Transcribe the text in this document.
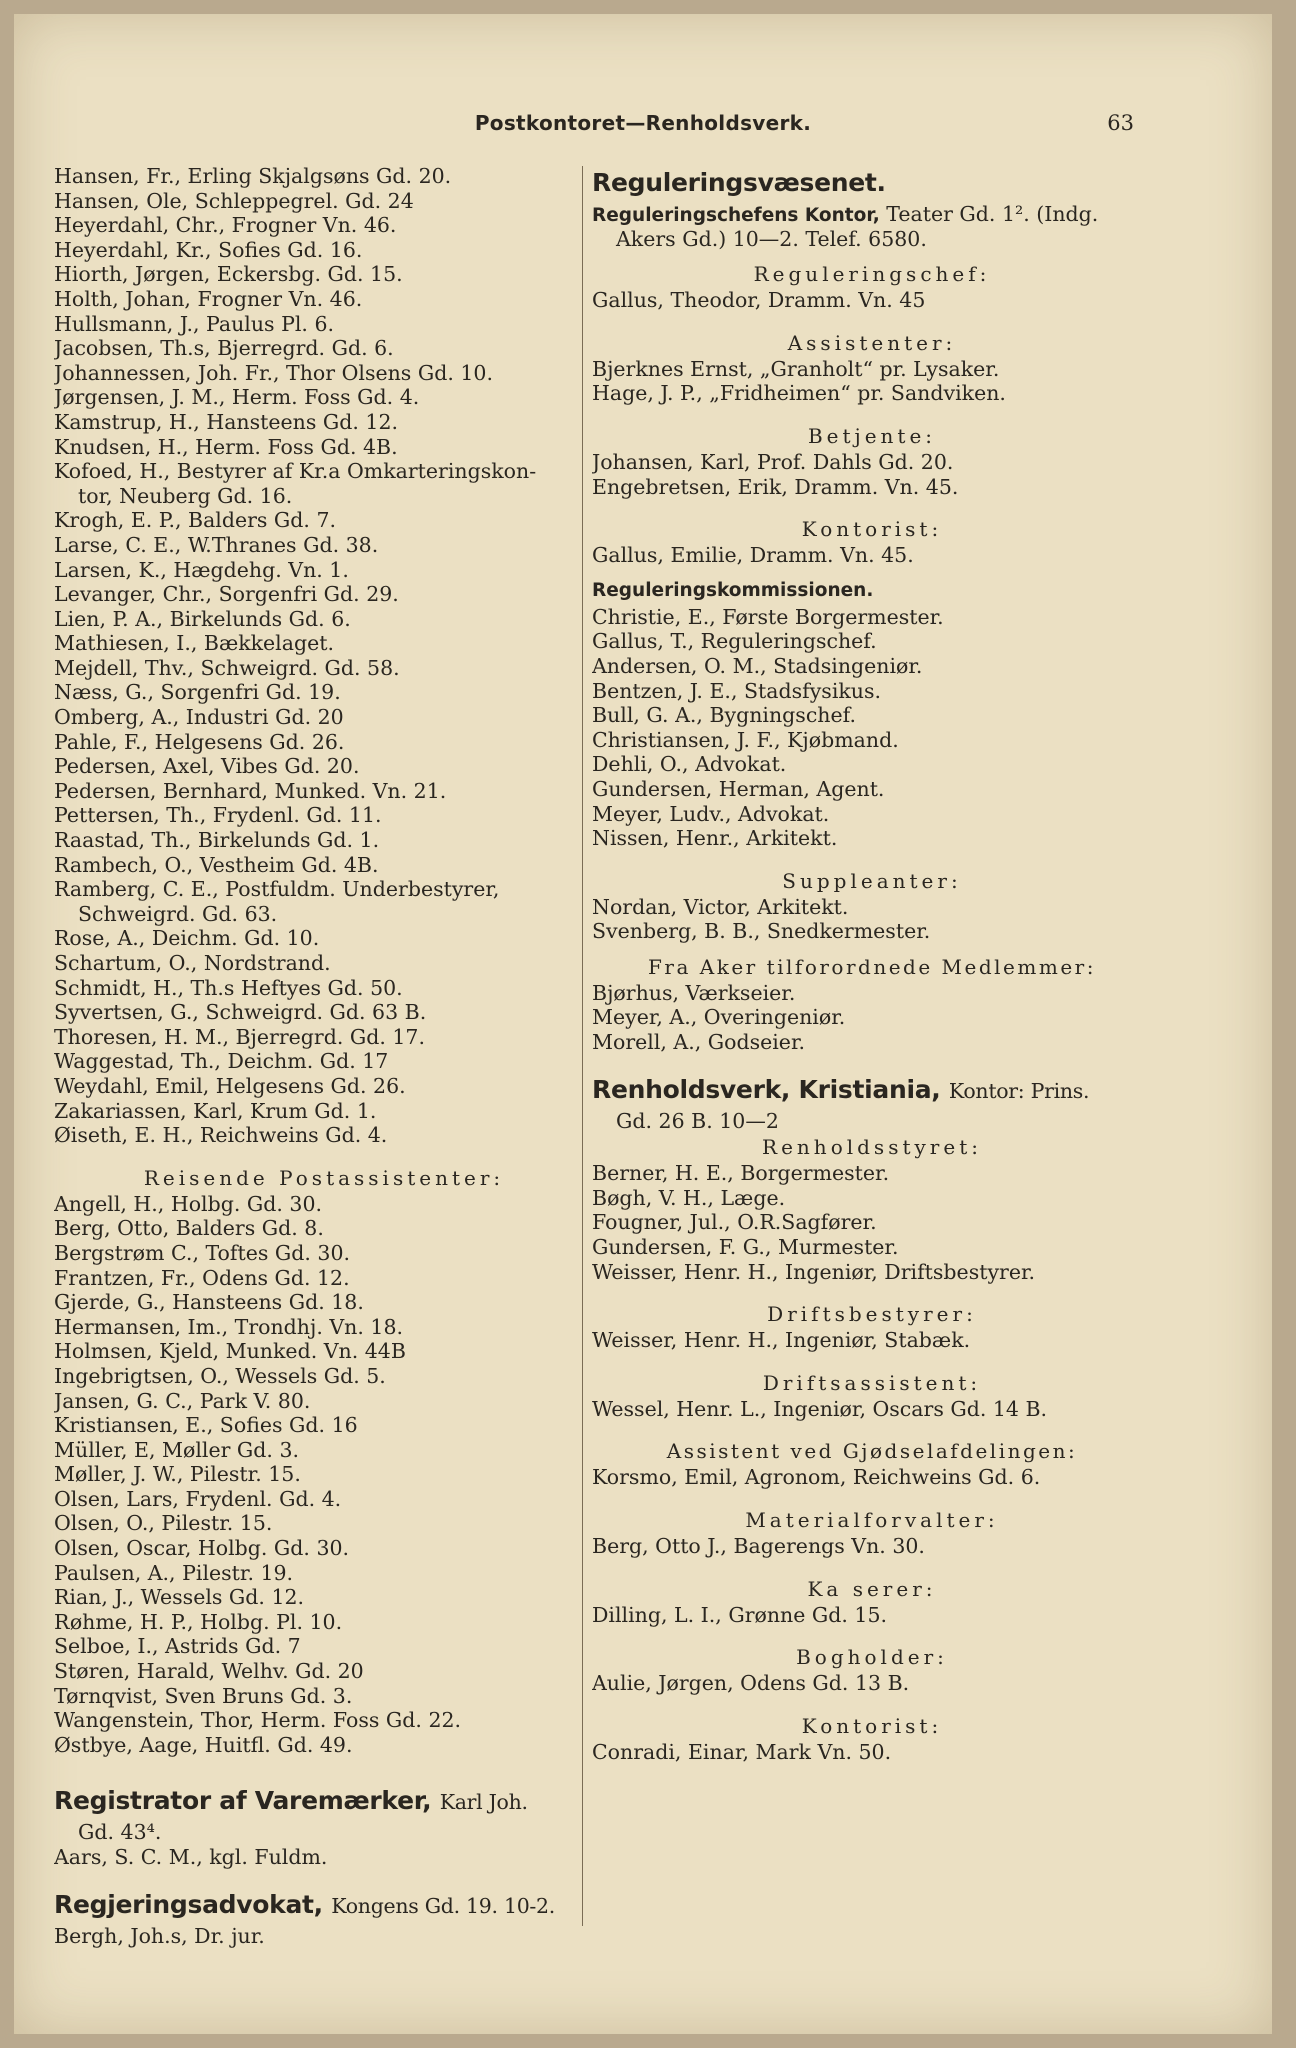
Postkontoret—Renholdsverk.	63
Hansen, Fr., Erling Skjalgsøns Gd. 20.
Hansen, Ole, Schleppegrel. Gd. 24
Heyerdahl, Chr., Frogner Vn. 46.
Heyerdahl, Kr., Sofies Gd. 16.
Hiorth, Jørgen, Eckersbg. Gd. 15.
Holth, Johan, Frogner Vn. 46.
Hullsmann, J., Paulus Pl. 6.
Jacobsen, Th.s, Bjerregrd. Gd. 6.
Johannessen, Joh. Fr., Thor Olsens Gd. 10.
Jørgensen, J. M., Herm. Foss Gd. 4.
Kamstrup, H., Hansteens Gd. 12.
Knudsen, H., Herm. Foss Gd. 4B.
Kofoed, H., Bestyrer af Kr.a Omkarteringskon-
tor, Neuberg Gd. 16.
Krogh, E. P., Balders Gd. 7.
Larse, C. E., W.Thranes Gd. 38.
Larsen, K., Hægdehg. Vn. 1.
Levanger, Chr., Sorgenfri Gd. 29.
Lien, P. A., Birkelunds Gd. 6.
Mathiesen, I., Bækkelaget.
Mejdell, Thv., Schweigrd. Gd. 58.
Næss, G., Sorgenfri Gd. 19.
Omberg, A., Industri Gd. 20
Pahle, F., Helgesens Gd. 26.
Pedersen, Axel, Vibes Gd. 20.
Pedersen, Bernhard, Munked. Vn. 21.
Pettersen, Th., Frydenl. Gd. 11.
Raastad, Th., Birkelunds Gd. 1.
Rambech, O., Vestheim Gd. 4B.
Ramberg, C. E., Postfuldm. Underbestyrer,
Schweigrd. Gd. 63.
Rose, A., Deichm. Gd. 10.
Schartum, O., Nordstrand.
Schmidt, H., Th.s Heftyes Gd. 50.
Syvertsen, G., Schweigrd. Gd. 63 B.
Thoresen, H. M., Bjerregrd. Gd. 17.
Waggestad, Th., Deichm. Gd. 17
Weydahl, Emil, Helgesens Gd. 26.
Zakariassen, Karl, Krum Gd. 1.
Øiseth, E. H., Reichweins Gd. 4.
Reisende Postassistenter:
Angell, H., Holbg. Gd. 30.
Berg, Otto, Balders Gd. 8.
Bergstrøm C., Toftes Gd. 30.
Frantzen, Fr., Odens Gd. 12.
Gjerde, G., Hansteens Gd. 18.
Hermansen, Im., Trondhj. Vn. 18.
Holmsen, Kjeld, Munked. Vn. 44B
Ingebrigtsen, O., Wessels Gd. 5.
Jansen, G. C., Park V. 80.
Kristiansen, E., Sofies Gd. 16
Müller, E, Møller Gd. 3.
Møller, J. W., Pilestr. 15.
Olsen, Lars, Frydenl. Gd. 4.
Olsen, O., Pilestr. 15.
Olsen, Oscar, Holbg. Gd. 30.
Paulsen, A., Pilestr. 19.
Rian, J., Wessels Gd. 12.
Røhme, H. P., Holbg. Pl. 10.
Selboe, I., Astrids Gd. 7
Støren, Harald, Welhv. Gd. 20
Tørnqvist, Sven Bruns Gd. 3.
Wangenstein, Thor, Herm. Foss Gd. 22.
Østbye, Aage, Huitfl. Gd. 49.
Registrator af Varemærker, Karl Joh.
Gd. 43⁴.
Aars, S. C. M., kgl. Fuldm.
Regjeringsadvokat, Kongens Gd. 19. 10-2.
Bergh, Joh.s, Dr. jur.
Reguleringsvæsenet.
Reguleringschefens Kontor, Teater Gd. 1². (Indg.
Akers Gd.) 10—2. Telef. 6580.
Reguleringschef:
Gallus, Theodor, Dramm. Vn. 45
Assistenter:
Bjerknes Ernst, „Granholt“ pr. Lysaker.
Hage, J. P., „Fridheimen“ pr. Sandviken.
Betjente:
Johansen, Karl, Prof. Dahls Gd. 20.
Engebretsen, Erik, Dramm. Vn. 45.
Kontorist:
Gallus, Emilie, Dramm. Vn. 45.
Reguleringskommissionen.
Christie, E., Første Borgermester.
Gallus, T., Reguleringschef.
Andersen, O. M., Stadsingeniør.
Bentzen, J. E., Stadsfysikus.
Bull, G. A., Bygningschef.
Christiansen, J. F., Kjøbmand.
Dehli, O., Advokat.
Gundersen, Herman, Agent.
Meyer, Ludv., Advokat.
Nissen, Henr., Arkitekt.
Suppleanter:
Nordan, Victor, Arkitekt.
Svenberg, B. B., Snedkermester.
Fra Aker tilforordnede Medlemmer:
Bjørhus, Værkseier.
Meyer, A., Overingeniør.
Morell, A., Godseier.
Renholdsverk, Kristiania, Kontor: Prins.
Gd. 26 B. 10—2
Renholdsstyret:
Berner, H. E., Borgermester.
Bøgh, V. H., Læge.
Fougner, Jul., O.R.Sagfører.
Gundersen, F. G., Murmester.
Weisser, Henr. H., Ingeniør, Driftsbestyrer.
Driftsbestyrer:
Weisser, Henr. H., Ingeniør, Stabæk.
Driftsassistent:
Wessel, Henr. L., Ingeniør, Oscars Gd. 14 B.
Assistent ved Gjødselafdelingen:
Korsmo, Emil, Agronom, Reichweins Gd. 6.
Materialforvalter:
Berg, Otto J., Bagerengs Vn. 30.
Ka serer:
Dilling, L. I., Grønne Gd. 15.
Bogholder:
Aulie, Jørgen, Odens Gd. 13 B.
Kontorist:
Conradi, Einar, Mark Vn. 50.
